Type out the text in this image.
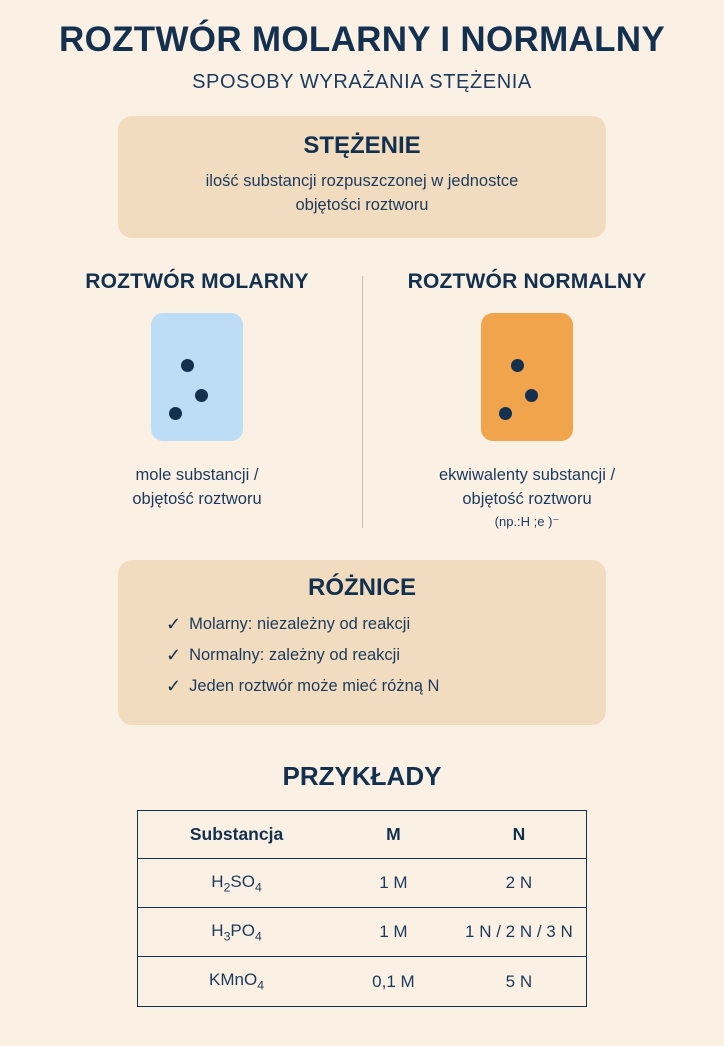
ROZTWÓR MOLARNY I NORMALNY
SPOSOBY WYRAŻANIA STĘŻENIA
STĘŻENIE
ilość substancji rozpuszczonej w jednostce
objętości roztworu
ROZTWÓR MOLARNY
mole substancji /
objętość roztworu
ROZTWÓR NORMALNY
ekwiwalenty substancji /
objętość roztworu
(np.:H ;e )⁻
RÓŻNICE
✓ Molarny: niezależny od reakcji
✓ Normalny: zależny od reakcji
✓ Jeden roztwór może mieć różną N
PRZYKŁADY
Substancja	M	N
$H_2SO_4$	1 M	2 N
$H_3PO_4$	1 M	1 N / 2 N / 3 N
KMnO$_4$	0,1 M	5 N
